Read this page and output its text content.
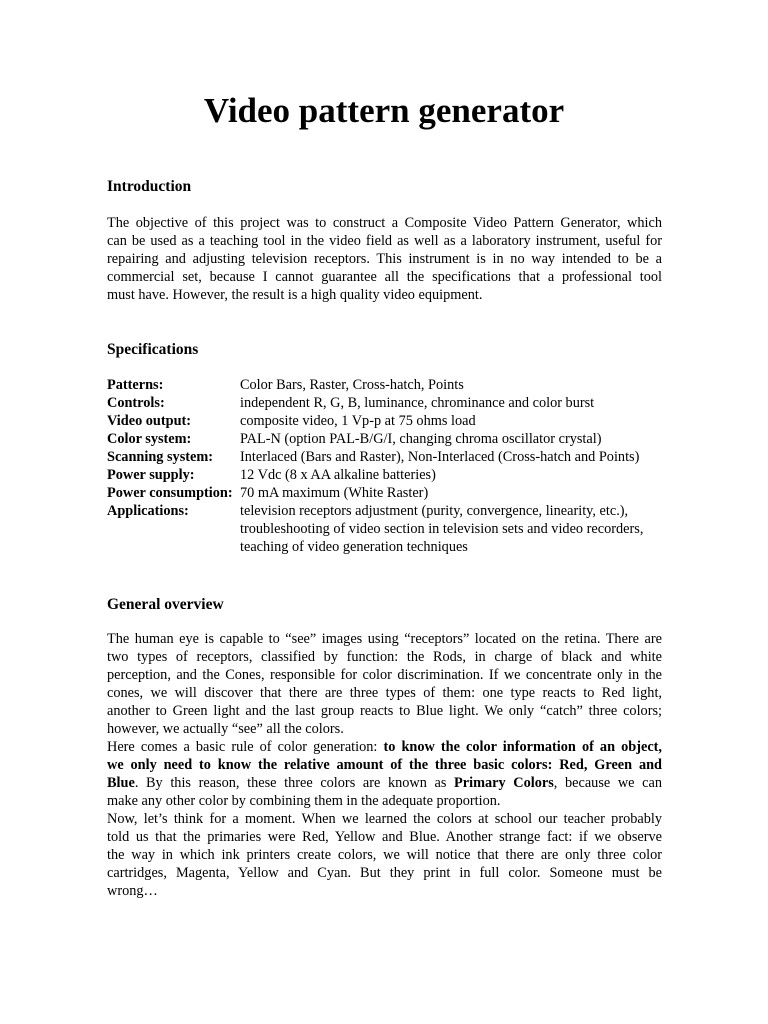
Video pattern generator
Introduction
The objective of this project was to construct a Composite Video Pattern Generator, which
can be used as a teaching tool in the video field as well as a laboratory instrument, useful for
repairing and adjusting television receptors. This instrument is in no way intended to be a
commercial set, because I cannot guarantee all the specifications that a professional tool
must have. However, the result is a high quality video equipment.
Specifications
Patterns:	Color Bars, Raster, Cross-hatch, Points
Controls:	independent R, G, B, luminance, chrominance and color burst
Video output:	composite video, 1 Vp-p at 75 ohms load
Color system:	PAL-N (option PAL-B/G/I, changing chroma oscillator crystal)
Scanning system:	Interlaced (Bars and Raster), Non-Interlaced (Cross-hatch and Points)
Power supply:	12 Vdc (8 x AA alkaline batteries)
Power consumption: 70 mA maximum (White Raster)
Applications:	television receptors adjustment (purity, convergence, linearity, etc.),
troubleshooting of video section in television sets and video recorders,
teaching of video generation techniques
General overview
The human eye is capable to “see” images using “receptors” located on the retina. There are
two types of receptors, classified by function: the Rods, in charge of black and white
perception, and the Cones, responsible for color discrimination. If we concentrate only in the
cones, we will discover that there are three types of them: one type reacts to Red light,
another to Green light and the last group reacts to Blue light. We only “catch” three colors;
however, we actually “see” all the colors.
Here comes a basic rule of color generation: to know the color information of an object,
we only need to know the relative amount of the three basic colors: Red, Green and
Blue. By this reason, these three colors are known as Primary Colors, because we can
make any other color by combining them in the adequate proportion.
Now, let’s think for a moment. When we learned the colors at school our teacher probably
told us that the primaries were Red, Yellow and Blue. Another strange fact: if we observe
the way in which ink printers create colors, we will notice that there are only three color
cartridges, Magenta, Yellow and Cyan. But they print in full color. Someone must be
wrong…
